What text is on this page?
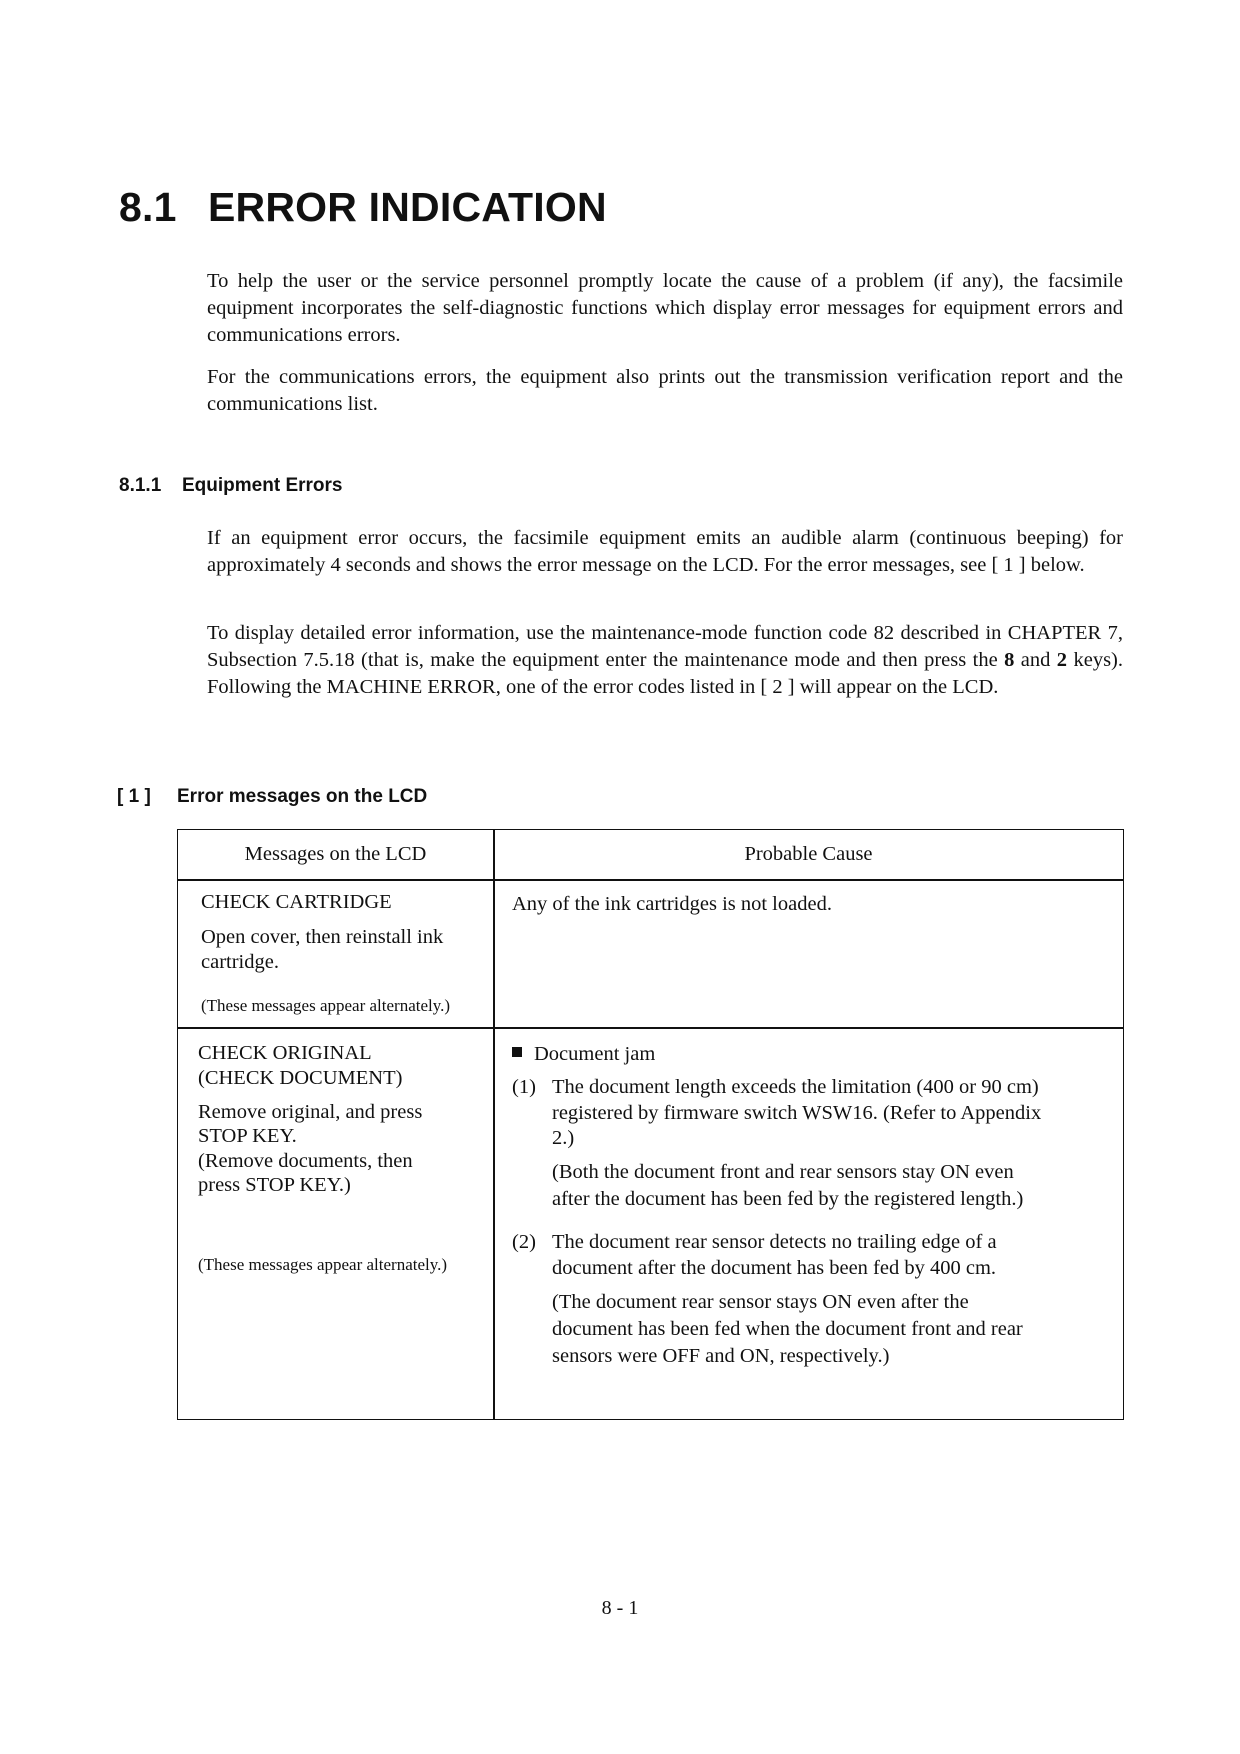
8.1 ERROR INDICATION

To help the user or the service personnel promptly locate the cause of a problem (if any), the facsimile equipment incorporates the self-diagnostic functions which display error messages for equipment errors and communications errors.

For the communications errors, the equipment also prints out the transmission verification report and the communications list.

8.1.1 Equipment Errors

If an equipment error occurs, the facsimile equipment emits an audible alarm (continuous beeping) for approximately 4 seconds and shows the error message on the LCD. For the error messages, see [ 1 ] below.

To display detailed error information, use the maintenance-mode function code 82 described in CHAPTER 7, Subsection 7.5.18 (that is, make the equipment enter the maintenance mode and then press the 8 and 2 keys). Following the MACHINE ERROR, one of the error codes listed in [ 2 ] will appear on the LCD.

[ 1 ] Error messages on the LCD

Messages on the LCD	Probable Cause

CHECK CARTRIDGE

Open cover, then reinstall ink

cartridge.

(These messages appear alternately.)

Any of the ink cartridges is not loaded.

CHECK ORIGINAL

(CHECK DOCUMENT)

Remove original, and press

STOP KEY.

(Remove documents, then

press STOP KEY.)

(These messages appear alternately.)

Document jam

(1) The document length exceeds the limitation (400 or 90 cm)

registered by firmware switch WSW16. (Refer to Appendix

2.)

(Both the document front and rear sensors stay ON even

after the document has been fed by the registered length.)

(2) The document rear sensor detects no trailing edge of a

document after the document has been fed by 400 cm.

(The document rear sensor stays ON even after the

document has been fed when the document front and rear

sensors were OFF and ON, respectively.)

8 - 1
